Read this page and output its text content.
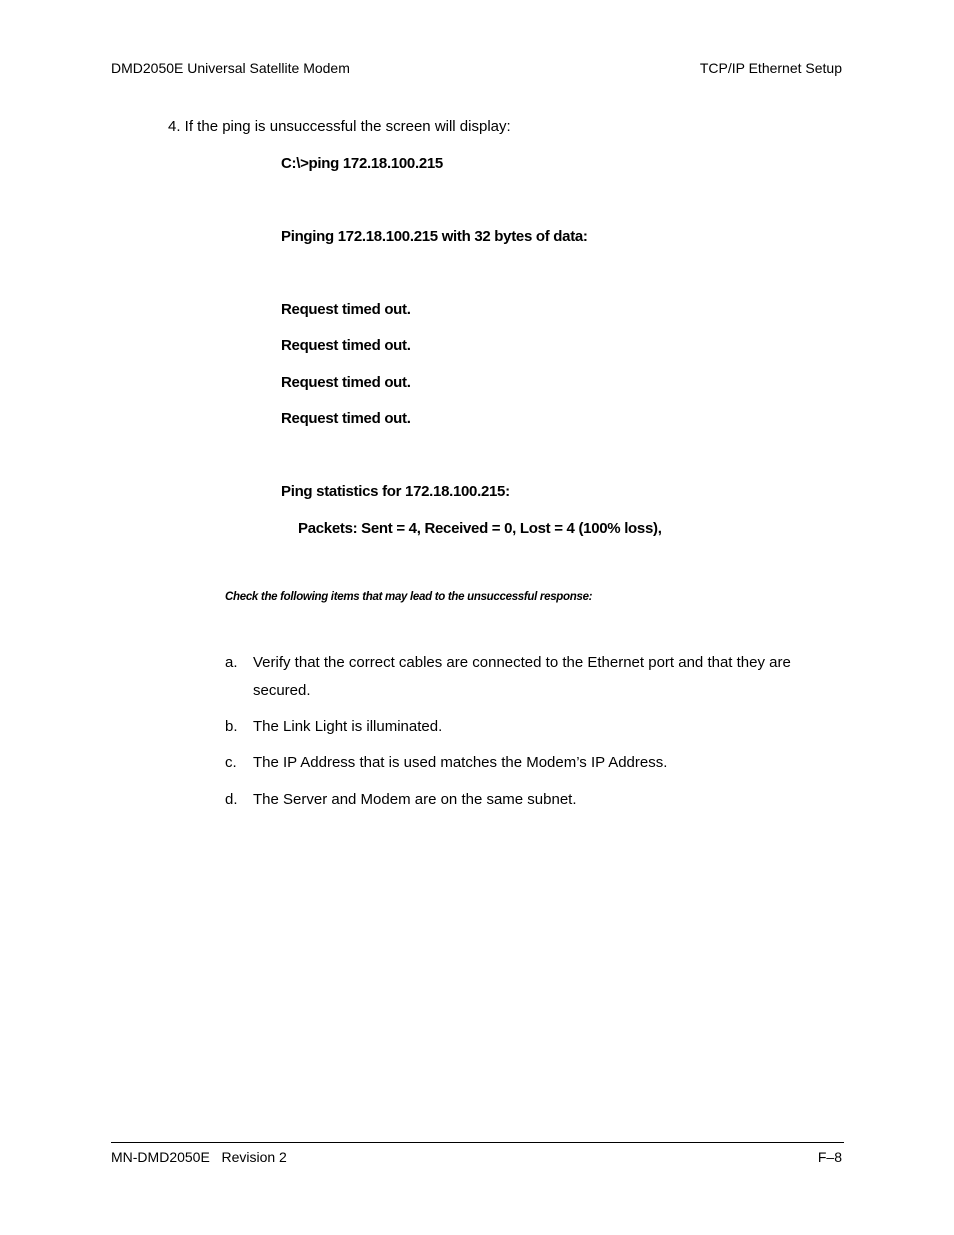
DMD2050E Universal Satellite Modem	TCP/IP Ethernet Setup
4. If the ping is unsuccessful the screen will display:
C:\>ping 172.18.100.215
Pinging 172.18.100.215 with 32 bytes of data:
Request timed out.
Request timed out.
Request timed out.
Request timed out.
Ping statistics for 172.18.100.215:
Packets: Sent = 4, Received = 0, Lost = 4 (100% loss),
Check the following items that may lead to the unsuccessful response:
a. Verify that the correct cables are connected to the Ethernet port and that they are
secured.
b. The Link Light is illuminated.
c. The IP Address that is used matches the Modem’s IP Address.
d. The Server and Modem are on the same subnet.
MN-DMD2050E   Revision 2	F–8
